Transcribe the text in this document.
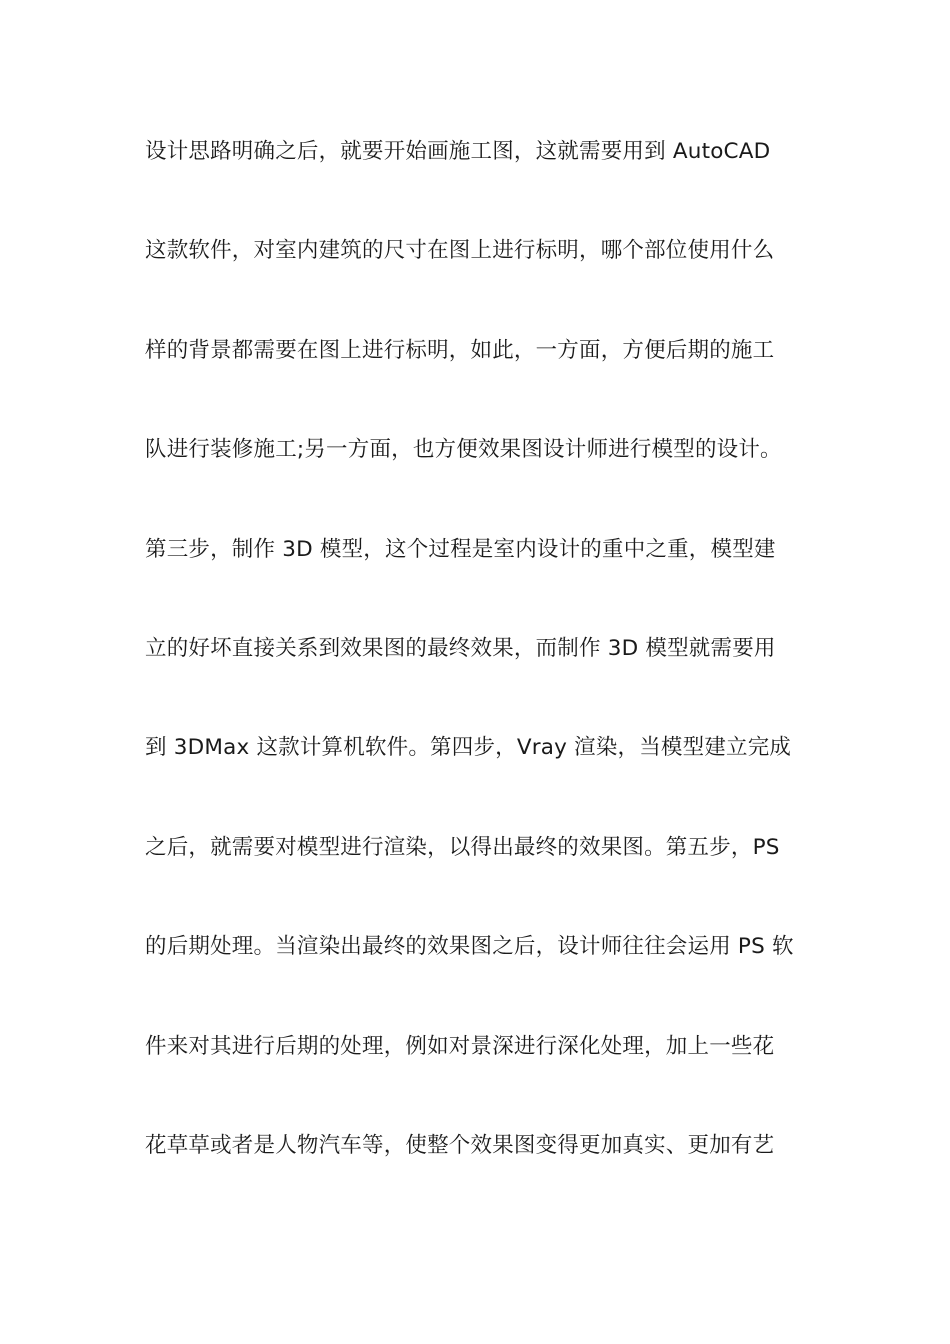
设计思路明确之后，就要开始画施工图，这就需要用到 AutoCAD
这款软件，对室内建筑的尺寸在图上进行标明，哪个部位使用什么
样的背景都需要在图上进行标明，如此，一方面，方便后期的施工
队进行装修施工;另一方面，也方便效果图设计师进行模型的设计。
第三步，制作 3D 模型，这个过程是室内设计的重中之重，模型建
立的好坏直接关系到效果图的最终效果，而制作 3D 模型就需要用
到 3DMax 这款计算机软件。第四步，Vray 渲染，当模型建立完成
之后，就需要对模型进行渲染，以得出最终的效果图。第五步，PS
的后期处理。当渲染出最终的效果图之后，设计师往往会运用 PS 软
件来对其进行后期的处理，例如对景深进行深化处理，加上一些花
花草草或者是人物汽车等，使整个效果图变得更加真实、更加有艺
